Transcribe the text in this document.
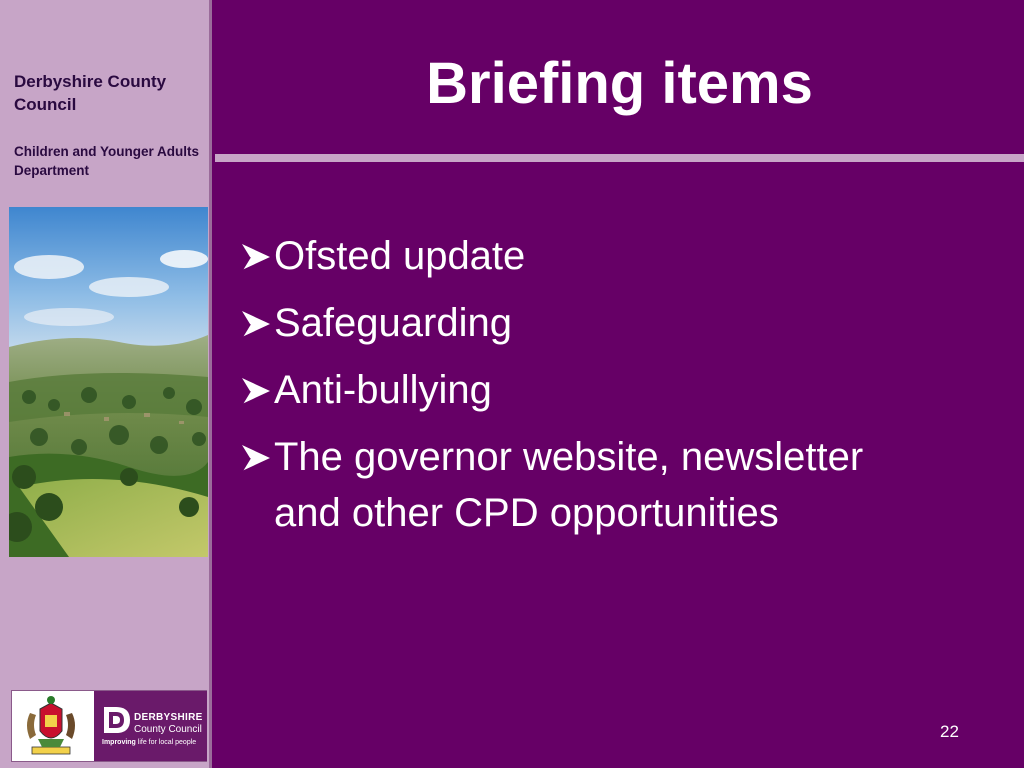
Derbyshire County Council
Children and Younger Adults Department
DERBYSHIRE
County Council
Improving life for local people
Briefing items
Ofsted update
Safeguarding
Anti-bullying
The governor website, newsletter and other CPD opportunities
22
